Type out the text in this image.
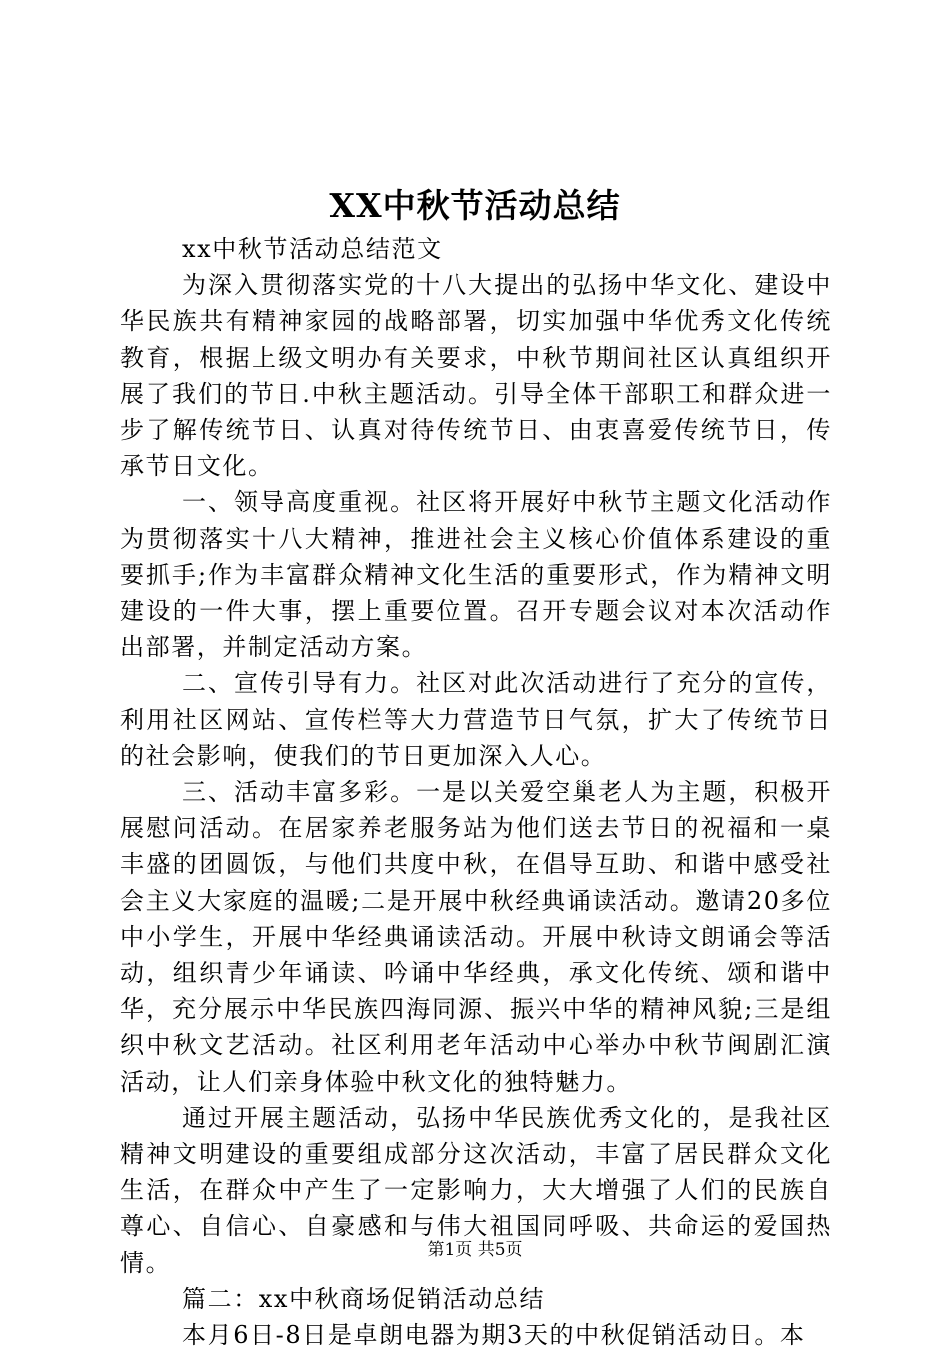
XX中秋节活动总结

xx中秋节活动总结范文

为深入贯彻落实党的十八大提出的弘扬中华文化、建设中华民族共有精神家园的战略部署，切实加强中华优秀文化传统教育，根据上级文明办有关要求，中秋节期间社区认真组织开展了我们的节日.中秋主题活动。引导全体干部职工和群众进一步了解传统节日、认真对待传统节日、由衷喜爱传统节日，传承节日文化。

一、领导高度重视。社区将开展好中秋节主题文化活动作为贯彻落实十八大精神，推进社会主义核心价值体系建设的重要抓手;作为丰富群众精神文化生活的重要形式，作为精神文明建设的一件大事，摆上重要位置。召开专题会议对本次活动作出部署，并制定活动方案。

二、宣传引导有力。社区对此次活动进行了充分的宣传，利用社区网站、宣传栏等大力营造节日气氛，扩大了传统节日的社会影响，使我们的节日更加深入人心。

三、活动丰富多彩。一是以关爱空巢老人为主题，积极开展慰问活动。在居家养老服务站为他们送去节日的祝福和一桌丰盛的团圆饭，与他们共度中秋，在倡导互助、和谐中感受社会主义大家庭的温暖;二是开展中秋经典诵读活动。邀请20多位中小学生，开展中华经典诵读活动。开展中秋诗文朗诵会等活动，组织青少年诵读、吟诵中华经典，承文化传统、颂和谐中华，充分展示中华民族四海同源、振兴中华的精神风貌;三是组织中秋文艺活动。社区利用老年活动中心举办中秋节闽剧汇演活动，让人们亲身体验中秋文化的独特魅力。

通过开展主题活动，弘扬中华民族优秀文化的，是我社区精神文明建设的重要组成部分这次活动，丰富了居民群众文化生活，在群众中产生了一定影响力，大大增强了人们的民族自尊心、自信心、自豪感和与伟大祖国同呼吸、共命运的爱国热情。

篇二：xx中秋商场促销活动总结

本月6日-8日是卓朗电器为期3天的中秋促销活动日。本

第1页 共5页
